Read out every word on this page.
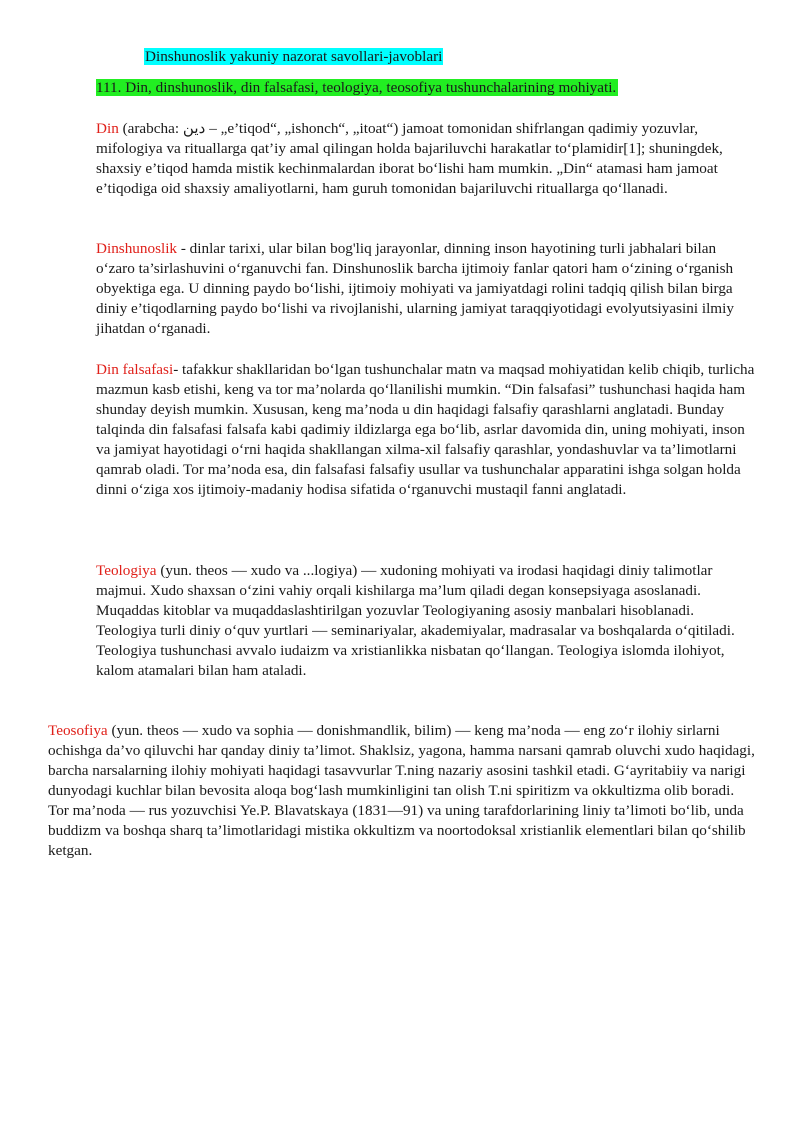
Dinshunoslik yakuniy nazorat savollari-javoblari
111. Din, dinshunoslik, din falsafasi, teologiya, teosofiya tushunchalarining mohiyati.

Din (arabcha: دين – „e’tiqod“, „ishonch“, „itoat“) jamoat tomonidan shifrlangan qadimiy yozuvlar, mifologiya va rituallarga qat’iy amal qilingan holda bajariluvchi harakatlar to‘plamidir[1]; shuningdek, shaxsiy e’tiqod hamda mistik kechinmalardan iborat bo‘lishi ham mumkin. „Din“ atamasi ham jamoat e’tiqodiga oid shaxsiy amaliyotlarni, ham guruh tomonidan bajariluvchi rituallarga qo‘llanadi.

Dinshunoslik - dinlar tarixi, ular bilan bog'liq jarayonlar, dinning inson hayotining turli jabhalari bilan o‘zaro ta’sirlashuvini o‘rganuvchi fan. Dinshunoslik barcha ijtimoiy fanlar qatori ham o‘zining o‘rganish obyektiga ega. U dinning paydo bo‘lishi, ijtimoiy mohiyati va jamiyatdagi rolini tadqiq qilish bilan birga diniy e’tiqodlarning paydo bo‘lishi va rivojlanishi, ularning jamiyat taraqqiyotidagi evolyutsiyasini ilmiy jihatdan o‘rganadi.

Din falsafasi- tafakkur shakllaridan bo‘lgan tushunchalar matn va maqsad mohiyatidan kelib chiqib, turlicha mazmun kasb etishi, keng va tor ma’nolarda qo‘llanilishi mumkin. “Din falsafasi” tushunchasi haqida ham shunday deyish mumkin. Xususan, keng ma’noda u din haqidagi falsafiy qarashlarni anglatadi. Bunday talqinda din falsafasi falsafa kabi qadimiy ildizlarga ega bo‘lib, asrlar davomida din, uning mohiyati, inson va jamiyat hayotidagi o‘rni haqida shakllangan xilma-xil falsafiy qarashlar, yondashuvlar va ta’limotlarni qamrab oladi. Tor ma’noda esa, din falsafasi falsafiy usullar va tushunchalar apparatini ishga solgan holda dinni o‘ziga xos ijtimoiy-madaniy hodisa sifatida o‘rganuvchi mustaqil fanni anglatadi.

Teologiya (yun. theos — xudo va ...logiya) — xudoning mohiyati va irodasi haqidagi diniy talimotlar majmui. Xudo shaxsan o‘zini vahiy orqali kishilarga ma’lum qiladi degan konsepsiyaga asoslanadi. Muqaddas kitoblar va muqaddaslashtirilgan yozuvlar Teologiyaning asosiy manbalari hisoblanadi. Teologiya turli diniy o‘quv yurtlari — seminariyalar, akademiyalar, madrasalar va boshqalarda o‘qitiladi. Teologiya tushunchasi avvalo iudaizm va xristianlikka nisbatan qo‘llangan. Teologiya islomda ilohiyot, kalom atamalari bilan ham ataladi.

Teosofiya (yun. theos — xudo va sophia — donishmandlik, bilim) — keng ma’noda — eng zo‘r ilohiy sirlarni ochishga da’vo qiluvchi har qanday diniy ta’limot. Shaklsiz, yagona, hamma narsani qamrab oluvchi xudo haqidagi, barcha narsalarning ilohiy mohiyati haqidagi tasavvurlar T.ning nazariy asosini tashkil etadi. G‘ayritabiiy va narigi dunyodagi kuchlar bilan bevosita aloqa bog‘lash mumkinligini tan olish T.ni spiritizm va okkultizma olib boradi. Tor ma’noda — rus yozuvchisi Ye.P. Blavatskaya (1831—91) va uning tarafdorlarining liniy ta’limoti bo‘lib, unda buddizm va boshqa sharq ta’limotlaridagi mistika okkultizm va noortodoksal xristianlik elementlari bilan qo‘shilib ketgan.
